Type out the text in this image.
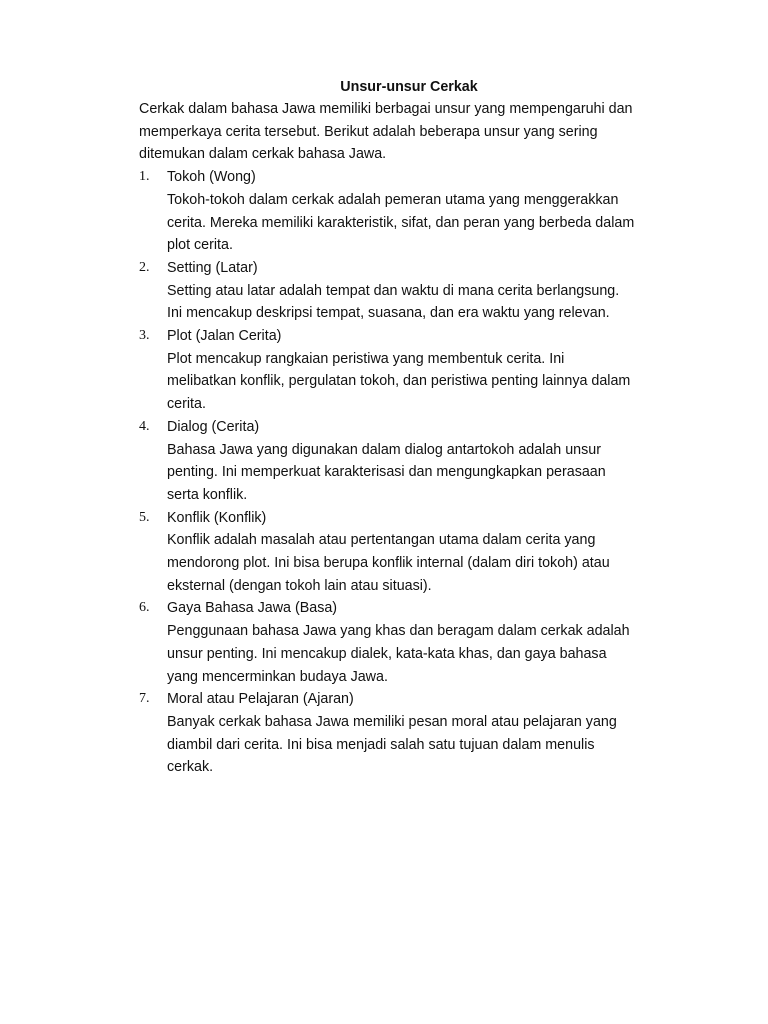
Unsur-unsur Cerkak

Cerkak dalam bahasa Jawa memiliki berbagai unsur yang mempengaruhi dan
memperkaya cerita tersebut. Berikut adalah beberapa unsur yang sering
ditemukan dalam cerkak bahasa Jawa.

1. Tokoh (Wong)
Tokoh-tokoh dalam cerkak adalah pemeran utama yang menggerakkan
cerita. Mereka memiliki karakteristik, sifat, dan peran yang berbeda dalam
plot cerita.
2. Setting (Latar)
Setting atau latar adalah tempat dan waktu di mana cerita berlangsung.
Ini mencakup deskripsi tempat, suasana, dan era waktu yang relevan.
3. Plot (Jalan Cerita)
Plot mencakup rangkaian peristiwa yang membentuk cerita. Ini
melibatkan konflik, pergulatan tokoh, dan peristiwa penting lainnya dalam
cerita.
4. Dialog (Cerita)
Bahasa Jawa yang digunakan dalam dialog antartokoh adalah unsur
penting. Ini memperkuat karakterisasi dan mengungkapkan perasaan
serta konflik.
5. Konflik (Konflik)
Konflik adalah masalah atau pertentangan utama dalam cerita yang
mendorong plot. Ini bisa berupa konflik internal (dalam diri tokoh) atau
eksternal (dengan tokoh lain atau situasi).
6. Gaya Bahasa Jawa (Basa)
Penggunaan bahasa Jawa yang khas dan beragam dalam cerkak adalah
unsur penting. Ini mencakup dialek, kata-kata khas, dan gaya bahasa
yang mencerminkan budaya Jawa.
7. Moral atau Pelajaran (Ajaran)
Banyak cerkak bahasa Jawa memiliki pesan moral atau pelajaran yang
diambil dari cerita. Ini bisa menjadi salah satu tujuan dalam menulis
cerkak.
